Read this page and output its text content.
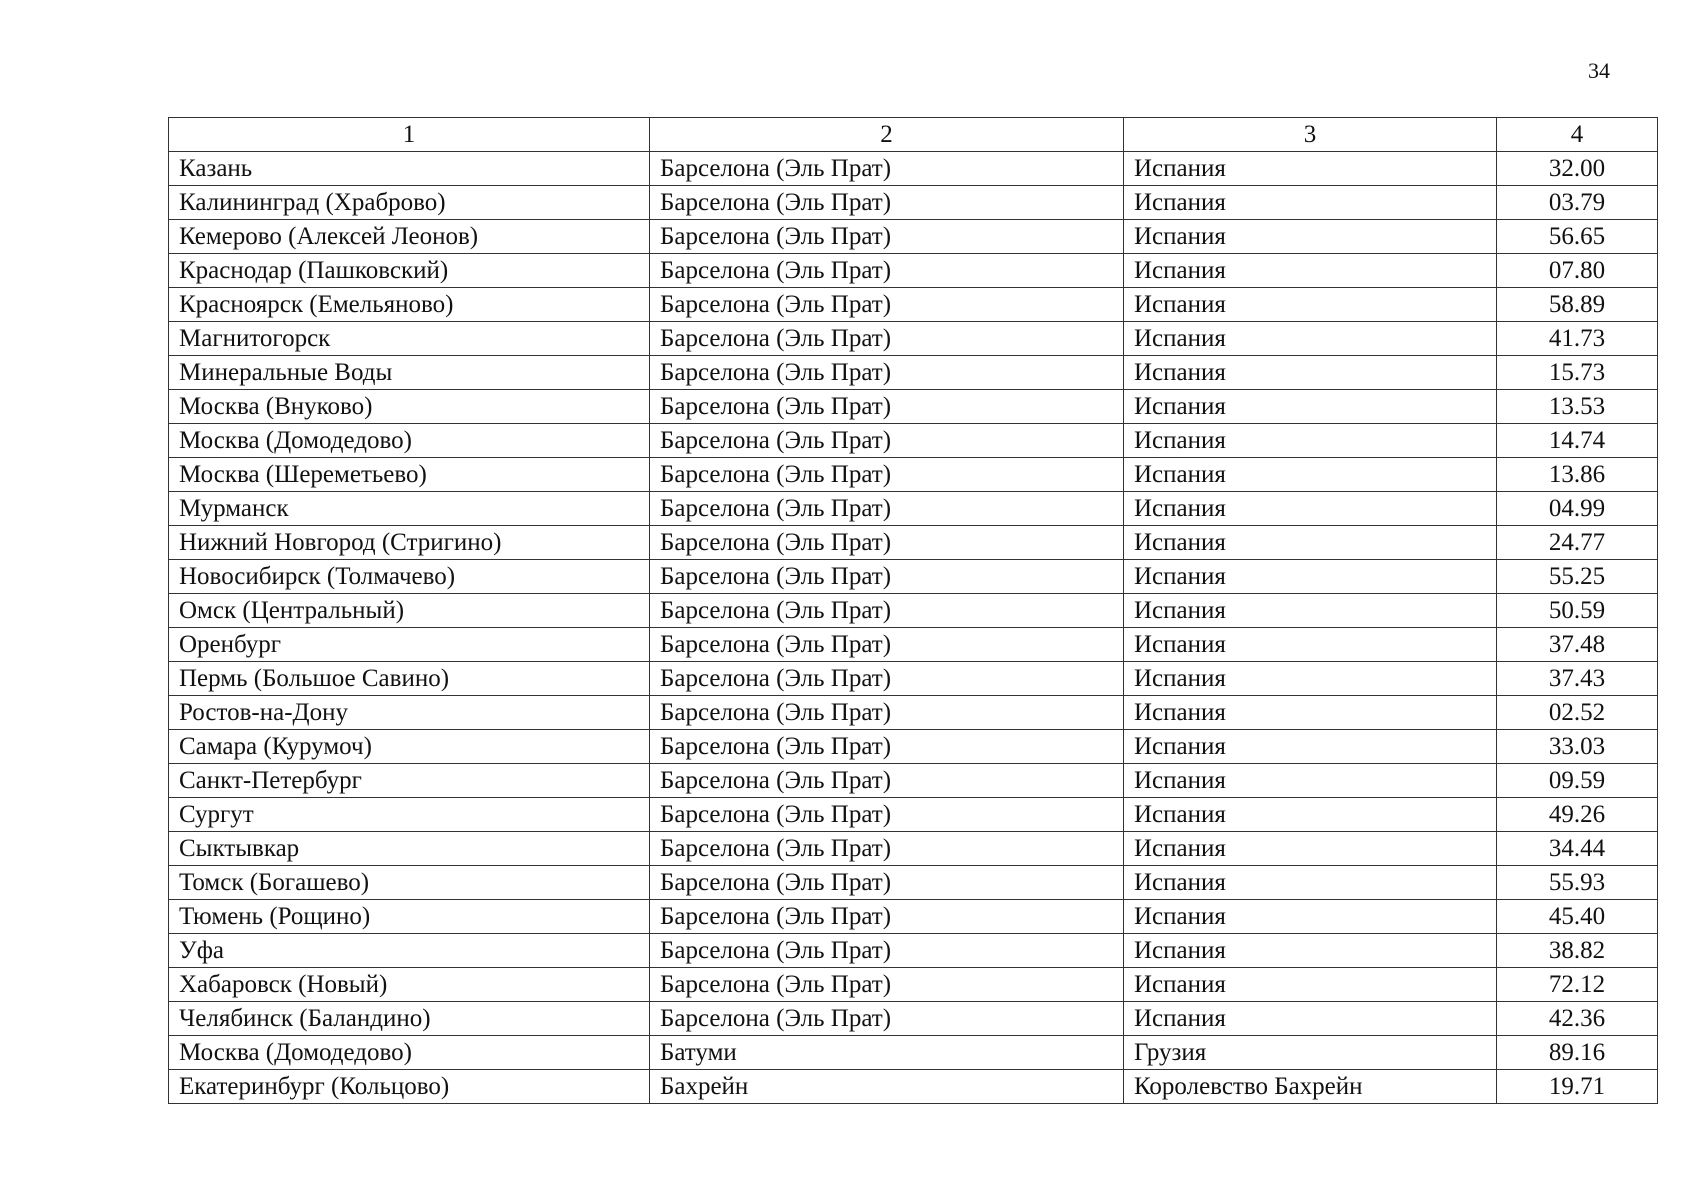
34
1	2	3	4
Казань	Барселона (Эль Прат)	Испания	32.00
Калининград (Храброво)	Барселона (Эль Прат)	Испания	03.79
Кемерово (Алексей Леонов)	Барселона (Эль Прат)	Испания	56.65
Краснодар (Пашковский)	Барселона (Эль Прат)	Испания	07.80
Красноярск (Емельяново)	Барселона (Эль Прат)	Испания	58.89
Магнитогорск	Барселона (Эль Прат)	Испания	41.73
Минеральные Воды	Барселона (Эль Прат)	Испания	15.73
Москва (Внуково)	Барселона (Эль Прат)	Испания	13.53
Москва (Домодедово)	Барселона (Эль Прат)	Испания	14.74
Москва (Шереметьево)	Барселона (Эль Прат)	Испания	13.86
Мурманск	Барселона (Эль Прат)	Испания	04.99
Нижний Новгород (Стригино)	Барселона (Эль Прат)	Испания	24.77
Новосибирск (Толмачево)	Барселона (Эль Прат)	Испания	55.25
Омск (Центральный)	Барселона (Эль Прат)	Испания	50.59
Оренбург	Барселона (Эль Прат)	Испания	37.48
Пермь (Большое Савино)	Барселона (Эль Прат)	Испания	37.43
Ростов-на-Дону	Барселона (Эль Прат)	Испания	02.52
Самара (Курумоч)	Барселона (Эль Прат)	Испания	33.03
Санкт-Петербург	Барселона (Эль Прат)	Испания	09.59
Сургут	Барселона (Эль Прат)	Испания	49.26
Сыктывкар	Барселона (Эль Прат)	Испания	34.44
Томск (Богашево)	Барселона (Эль Прат)	Испания	55.93
Тюмень (Рощино)	Барселона (Эль Прат)	Испания	45.40
Уфа	Барселона (Эль Прат)	Испания	38.82
Хабаровск (Новый)	Барселона (Эль Прат)	Испания	72.12
Челябинск (Баландино)	Барселона (Эль Прат)	Испания	42.36
Москва (Домодедово)	Батуми	Грузия	89.16
Екатеринбург (Кольцово)	Бахрейн	Королевство Бахрейн	19.71
